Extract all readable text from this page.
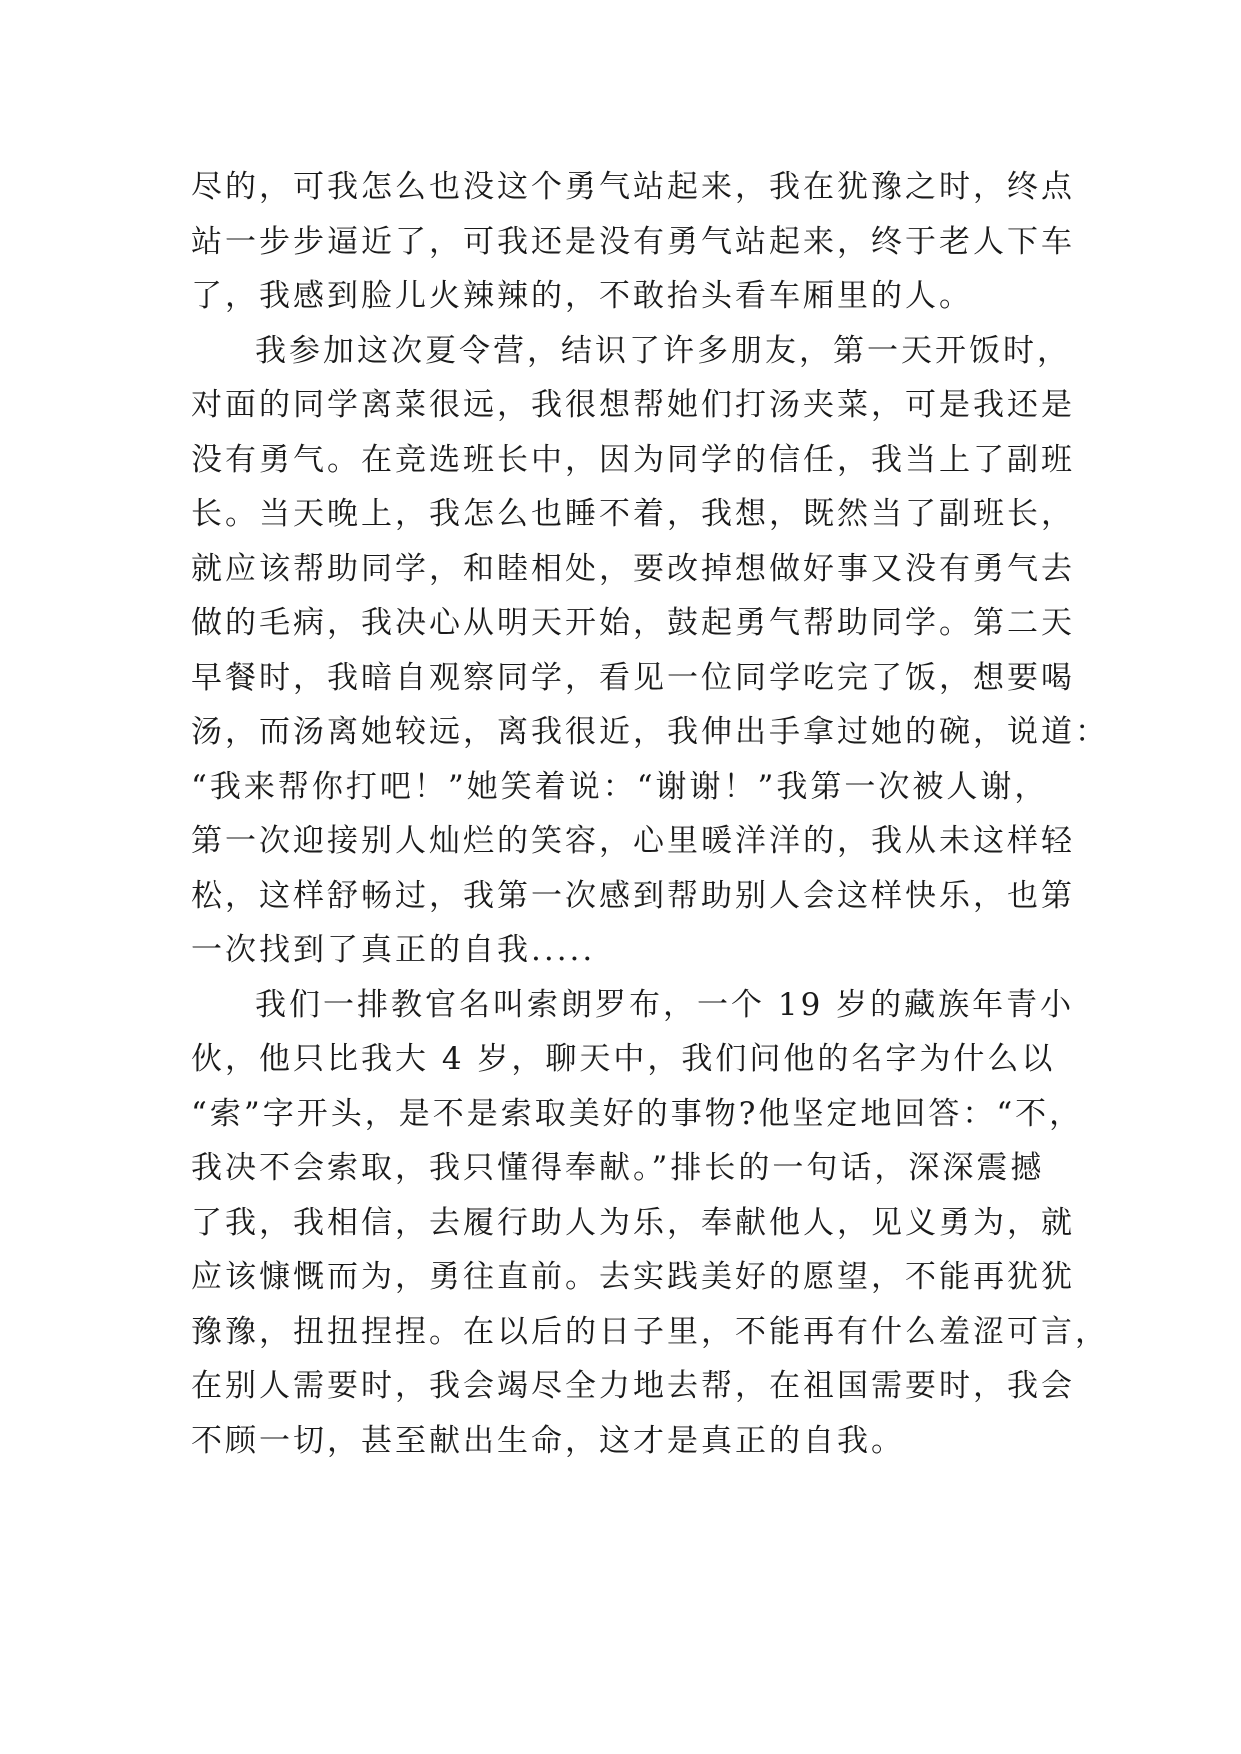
尽的，可我怎么也没这个勇气站起来，我在犹豫之时，终点
站一步步逼近了，可我还是没有勇气站起来，终于老人下车
了，我感到脸儿火辣辣的，不敢抬头看车厢里的人。
我参加这次夏令营，结识了许多朋友，第一天开饭时，
对面的同学离菜很远，我很想帮她们打汤夹菜，可是我还是
没有勇气。在竞选班长中，因为同学的信任，我当上了副班
长。当天晚上，我怎么也睡不着，我想，既然当了副班长，
就应该帮助同学，和睦相处，要改掉想做好事又没有勇气去
做的毛病，我决心从明天开始，鼓起勇气帮助同学。第二天
早餐时，我暗自观察同学，看见一位同学吃完了饭，想要喝
汤，而汤离她较远，离我很近，我伸出手拿过她的碗，说道：
“我来帮你打吧！”她笑着说：“谢谢！”我第一次被人谢，
第一次迎接别人灿烂的笑容，心里暖洋洋的，我从未这样轻
松，这样舒畅过，我第一次感到帮助别人会这样快乐，也第
一次找到了真正的自我.....
我们一排教官名叫索朗罗布，一个 19 岁的藏族年青小
伙，他只比我大 4 岁，聊天中，我们问他的名字为什么以
“索”字开头，是不是索取美好的事物?他坚定地回答：“不，
我决不会索取，我只懂得奉献。”排长的一句话，深深震撼
了我，我相信，去履行助人为乐，奉献他人，见义勇为，就
应该慷慨而为，勇往直前。去实践美好的愿望，不能再犹犹
豫豫，扭扭捏捏。在以后的日子里，不能再有什么羞涩可言，
在别人需要时，我会竭尽全力地去帮，在祖国需要时，我会
不顾一切，甚至献出生命，这才是真正的自我。
